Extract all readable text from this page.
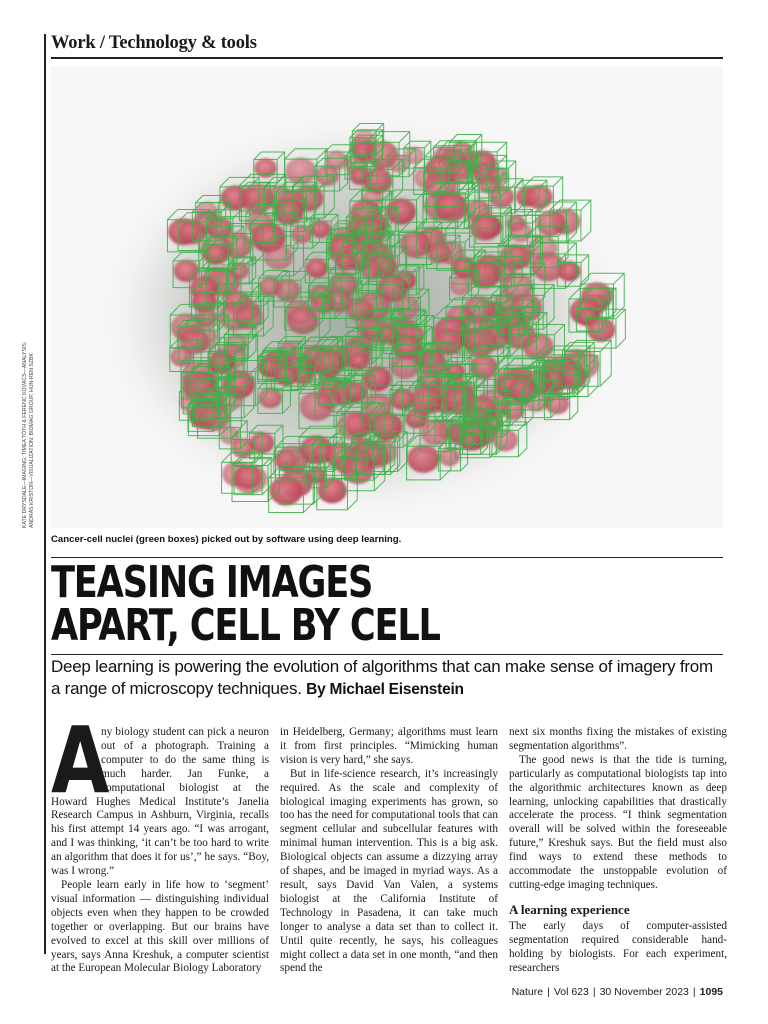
Work / Technology & tools
KATE DRYSDALE—IMAGING; TIMEA TÓTH & FERENC KOVÁCS—ANALYSIS;
ANDRÁS KRISTON—VISUALIZATION; BIOMAG GROUP, HUN-REN SZBK
Cancer-cell nuclei (green boxes) picked out by software using deep learning.
TEASING IMAGES
APART, CELL BY CELL

Deep learning is powering the evolution of algorithms that can make sense of imagery from a range of microscopy techniques. By Michael Eisenstein

A
ny biology student can pick a neuron out of a photograph. Training a computer to do the same thing is much harder. Jan Funke, a computational biologist at the Howard Hughes Medical Institute’s Janelia Research Campus in Ashburn, Virginia, recalls his first attempt 14 years ago. “I was arrogant, and I was thinking, ‘it can’t be too hard to write an algorithm that does it for us’,” he says. “Boy, was I wrong.”

People learn early in life how to ‘segment’ visual information — distinguishing individual objects even when they happen to be crowded together or overlapping. But our brains have evolved to excel at this skill over millions of years, says Anna Kreshuk, a computer scientist at the European Molecular Biology Laboratory

in Heidelberg, Germany; algorithms must learn it from first principles. “Mimicking human vision is very hard,” she says.

But in life-science research, it’s increasingly required. As the scale and complexity of biological imaging experiments has grown, so too has the need for computational tools that can segment cellular and subcellular features with minimal human intervention. This is a big ask. Biological objects can assume a dizzying array of shapes, and be imaged in myriad ways. As a result, says David Van Valen, a systems biologist at the California Institute of Technology in Pasadena, it can take much longer to analyse a data set than to collect it. Until quite recently, he says, his colleagues might collect a data set in one month, “and then spend the

next six months fixing the mistakes of existing segmentation algorithms”.

The good news is that the tide is turning, particularly as computational biologists tap into the algorithmic architectures known as deep learning, unlocking capabilities that drastically accelerate the process. “I think segmentation overall will be solved within the foreseeable future,” Kreshuk says. But the field must also find ways to extend these methods to accommodate the unstoppable evolution of cutting-edge imaging techniques.

A learning experience

The early days of computer-assisted segmentation required considerable hand-holding by biologists. For each experiment, researchers

Nature | Vol 623 | 30 November 2023 | 1095
